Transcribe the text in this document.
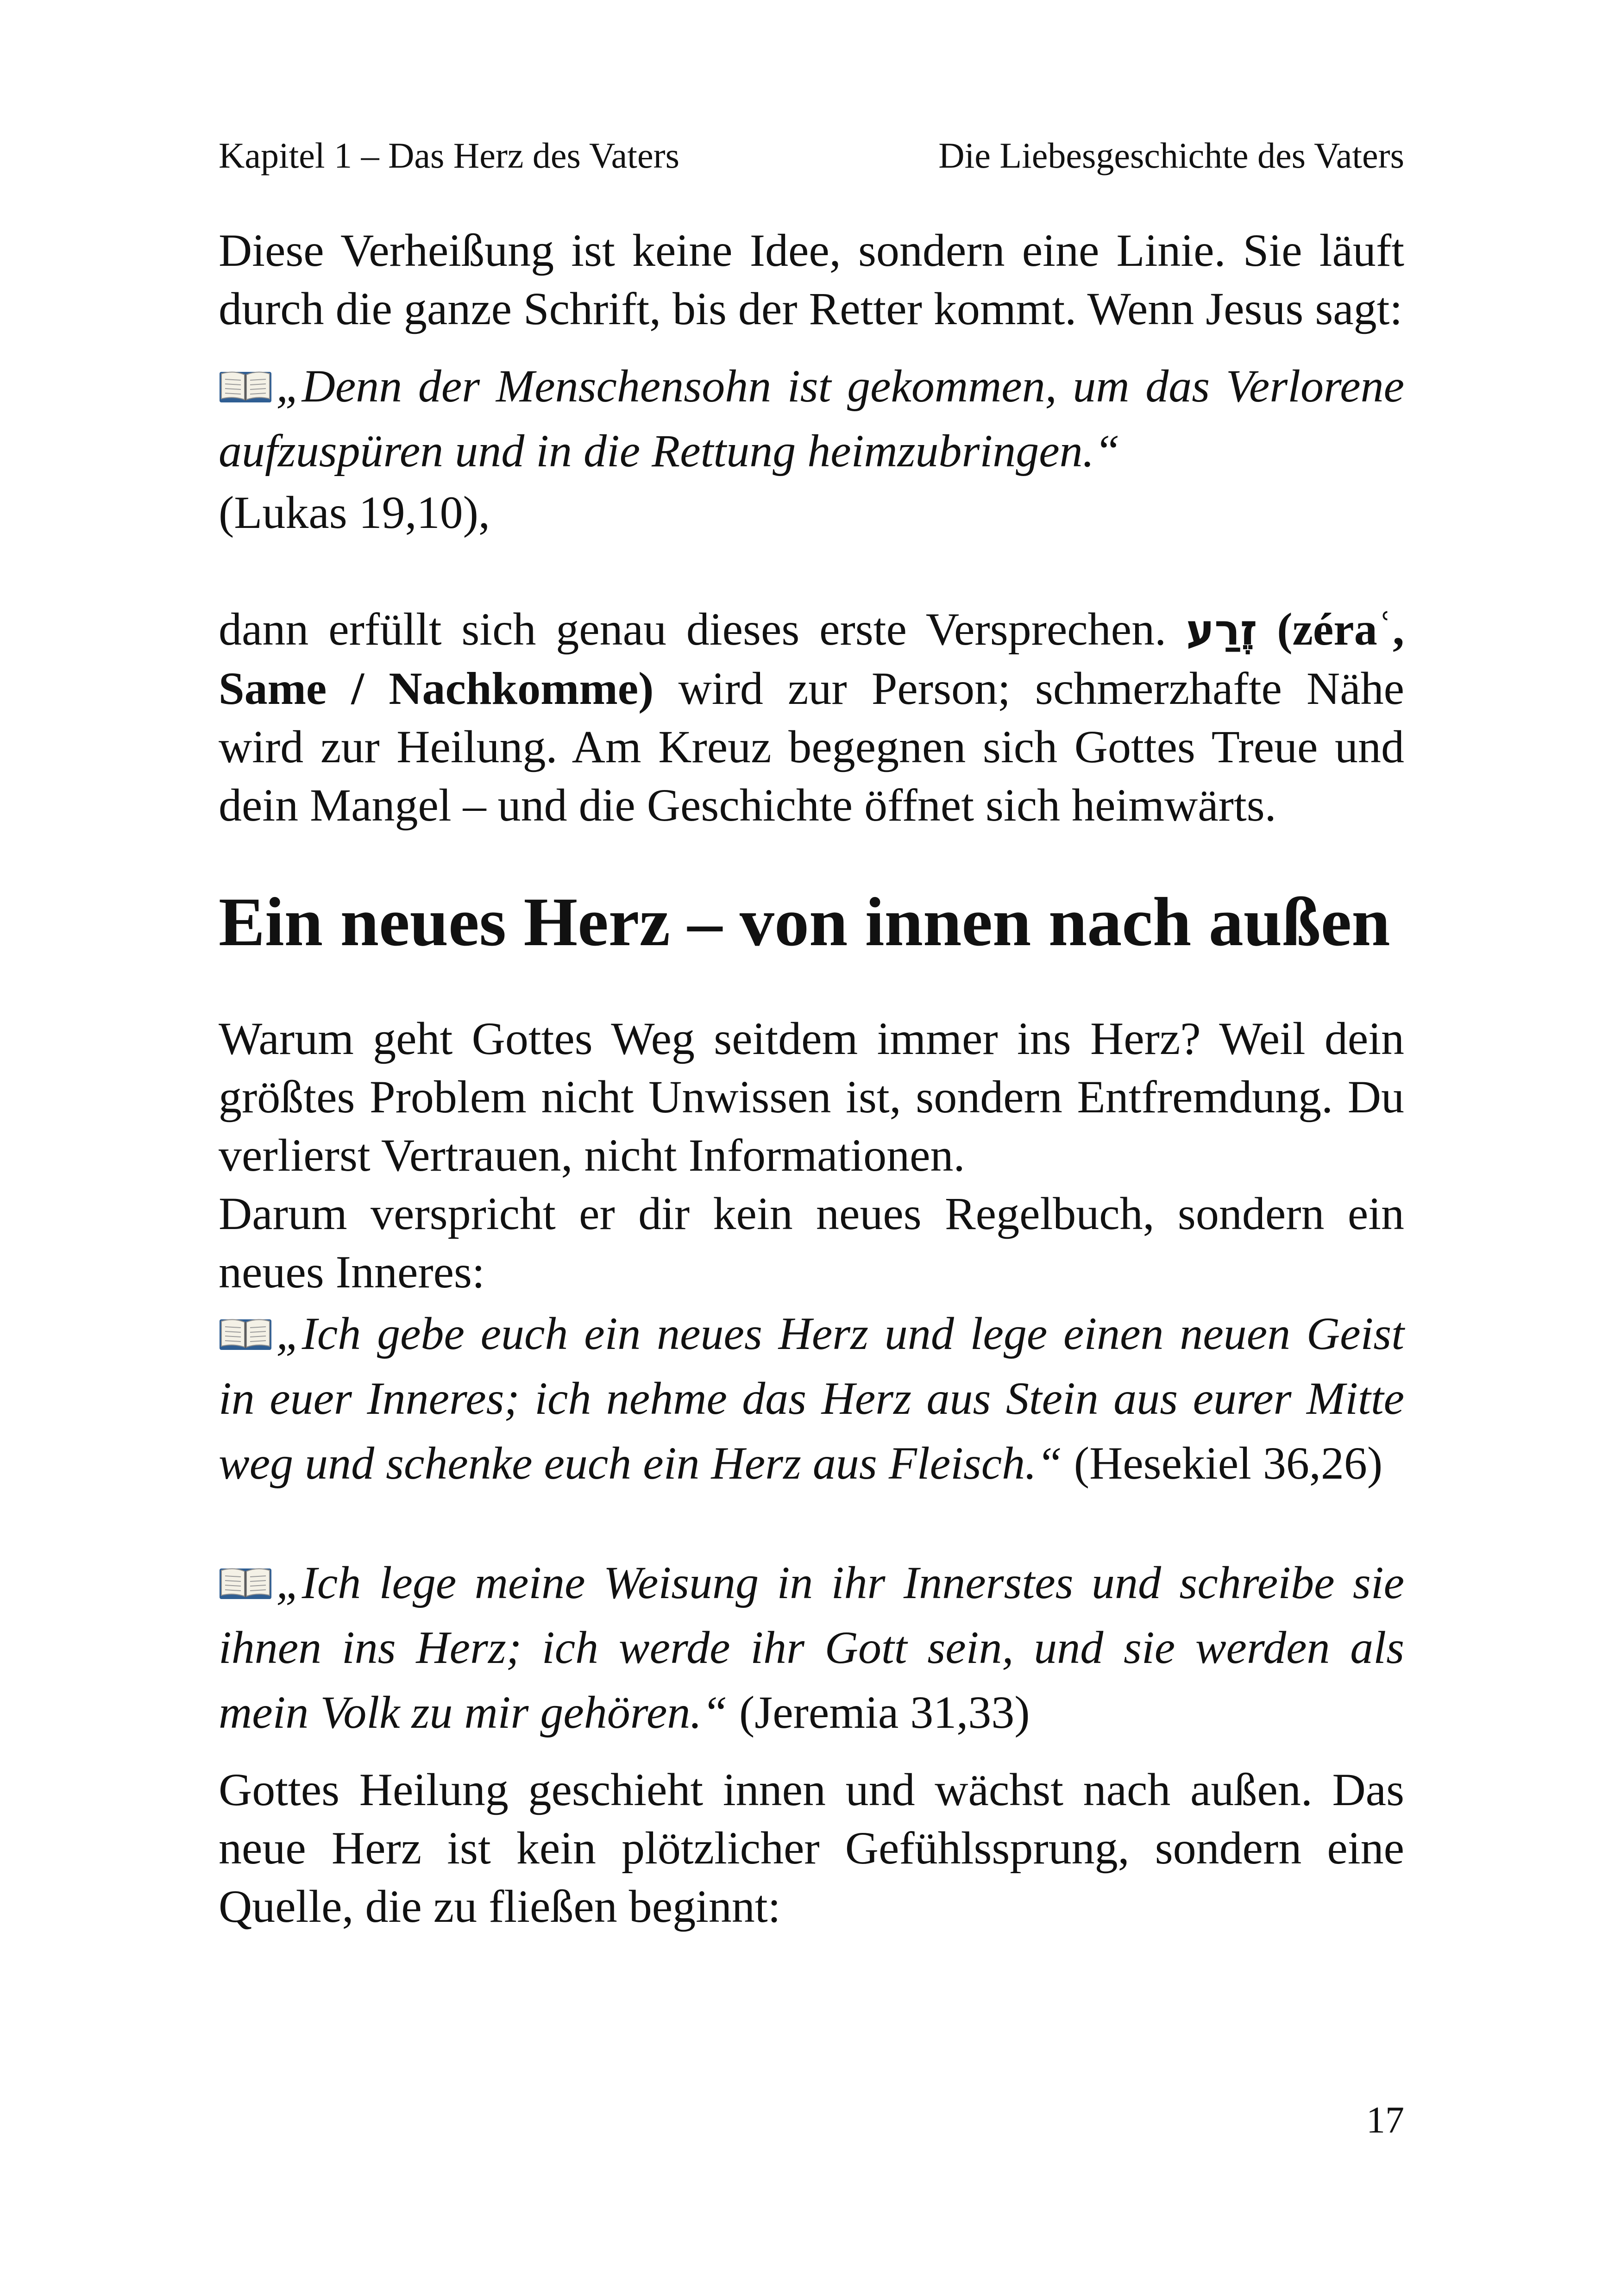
Kapitel 1 – Das Herz des Vaters	Die Liebesgeschichte des Vaters

Diese Verheißung ist keine Idee, sondern eine Linie. Sie läuft durch die ganze Schrift, bis der Retter kommt. Wenn Jesus sagt:

„Denn der Menschensohn ist gekommen, um das Verlorene aufzuspüren und in die Rettung heimzubringen.“

(Lukas 19,10),

dann erfüllt sich genau dieses erste Versprechen. זֶרַע (zéraʿ, Same / Nachkomme) wird zur Person; schmerzhafte Nähe wird zur Heilung. Am Kreuz begegnen sich Gottes Treue und dein Mangel – und die Geschichte öffnet sich heimwärts.

Ein neues Herz – von innen nach außen

Warum geht Gottes Weg seitdem immer ins Herz? Weil dein größtes Problem nicht Unwissen ist, sondern Entfremdung. Du verlierst Vertrauen, nicht Informationen.

Darum verspricht er dir kein neues Regelbuch, sondern ein neues Inneres:

„Ich gebe euch ein neues Herz und lege einen neuen Geist in euer Inneres; ich nehme das Herz aus Stein aus eurer Mitte weg und schenke euch ein Herz aus Fleisch.“ (Hesekiel 36,26)

„Ich lege meine Weisung in ihr Innerstes und schreibe sie ihnen ins Herz; ich werde ihr Gott sein, und sie werden als mein Volk zu mir gehören.“ (Jeremia 31,33)

Gottes Heilung geschieht innen und wächst nach außen. Das neue Herz ist kein plötzlicher Gefühlssprung, sondern eine Quelle, die zu fließen beginnt:

17
